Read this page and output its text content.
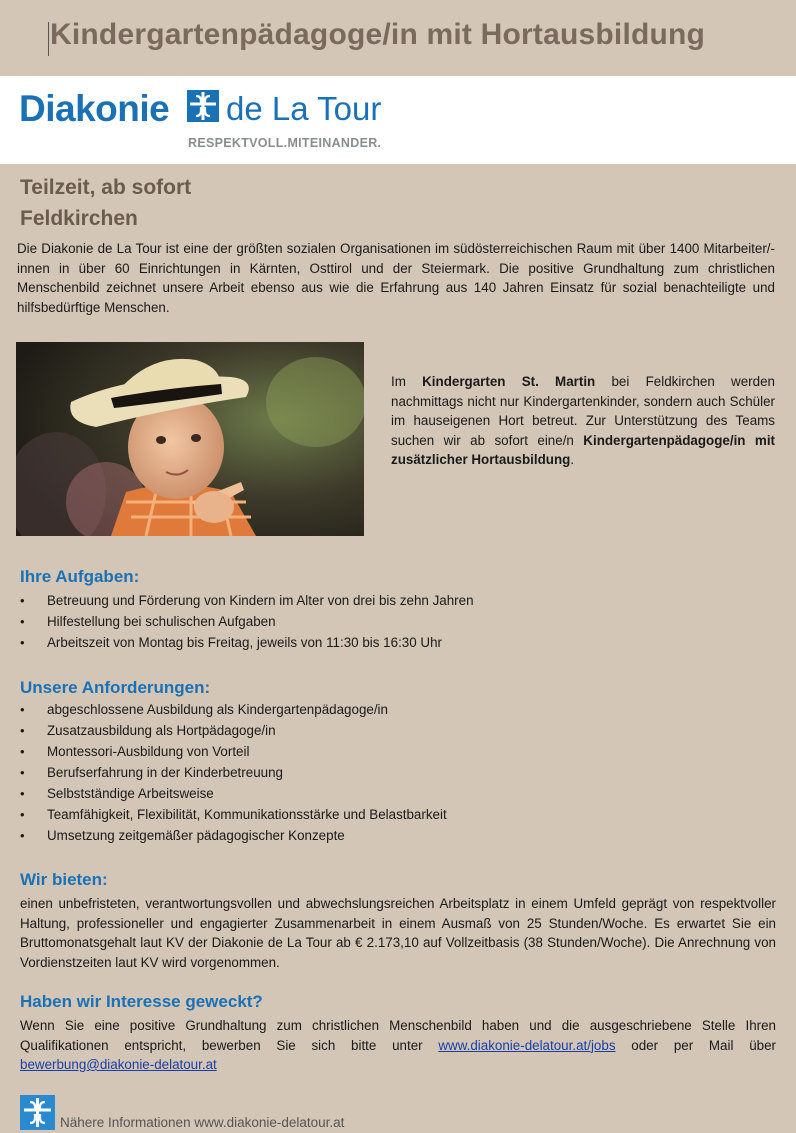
Kindergartenpädagoge/in mit Hortausbildung
Diakonie de La Tour
RESPEKTVOLL.MITEINANDER.
Teilzeit, ab sofort
Feldkirchen

Die Diakonie de La Tour ist eine der größten sozialen Organisationen im südösterreichischen Raum mit über 1400 Mitarbeiter/-innen in über 60 Einrichtungen in Kärnten, Osttirol und der Steiermark. Die positive Grundhaltung zum christlichen Menschenbild zeichnet unsere Arbeit ebenso aus wie die Erfahrung aus 140 Jahren Einsatz für sozial benachteiligte und hilfsbedürftige Menschen.

Im Kindergarten St. Martin bei Feldkirchen werden nachmittags nicht nur Kindergartenkinder, sondern auch Schüler im hauseigenen Hort betreut. Zur Unterstützung des Teams suchen wir ab sofort eine/n Kindergartenpädagoge/in mit zusätzlicher Hortausbildung.

Ihre Aufgaben:
• Betreuung und Förderung von Kindern im Alter von drei bis zehn Jahren
• Hilfestellung bei schulischen Aufgaben
• Arbeitszeit von Montag bis Freitag, jeweils von 11:30 bis 16:30 Uhr
Unsere Anforderungen:
• abgeschlossene Ausbildung als Kindergartenpädagoge/in
• Zusatzausbildung als Hortpädagoge/in
• Montessori-Ausbildung von Vorteil
• Berufserfahrung in der Kinderbetreuung
• Selbstständige Arbeitsweise
• Teamfähigkeit, Flexibilität, Kommunikationsstärke und Belastbarkeit
• Umsetzung zeitgemäßer pädagogischer Konzepte
Wir bieten:

einen unbefristeten, verantwortungsvollen und abwechslungsreichen Arbeitsplatz in einem Umfeld geprägt von respektvoller Haltung, professioneller und engagierter Zusammenarbeit in einem Ausmaß von 25 Stunden/Woche. Es erwartet Sie ein Bruttomonatsgehalt laut KV der Diakonie de La Tour ab € 2.173,10 auf Vollzeitbasis (38 Stunden/Woche). Die Anrechnung von Vordienstzeiten laut KV wird vorgenommen.

Haben wir Interesse geweckt?

Wenn Sie eine positive Grundhaltung zum christlichen Menschenbild haben und die ausgeschriebene Stelle Ihren Qualifikationen entspricht, bewerben Sie sich bitte unter www.diakonie-delatour.at/jobs oder per Mail über bewerbung@diakonie-delatour.at

Nähere Informationen www.diakonie-delatour.at
